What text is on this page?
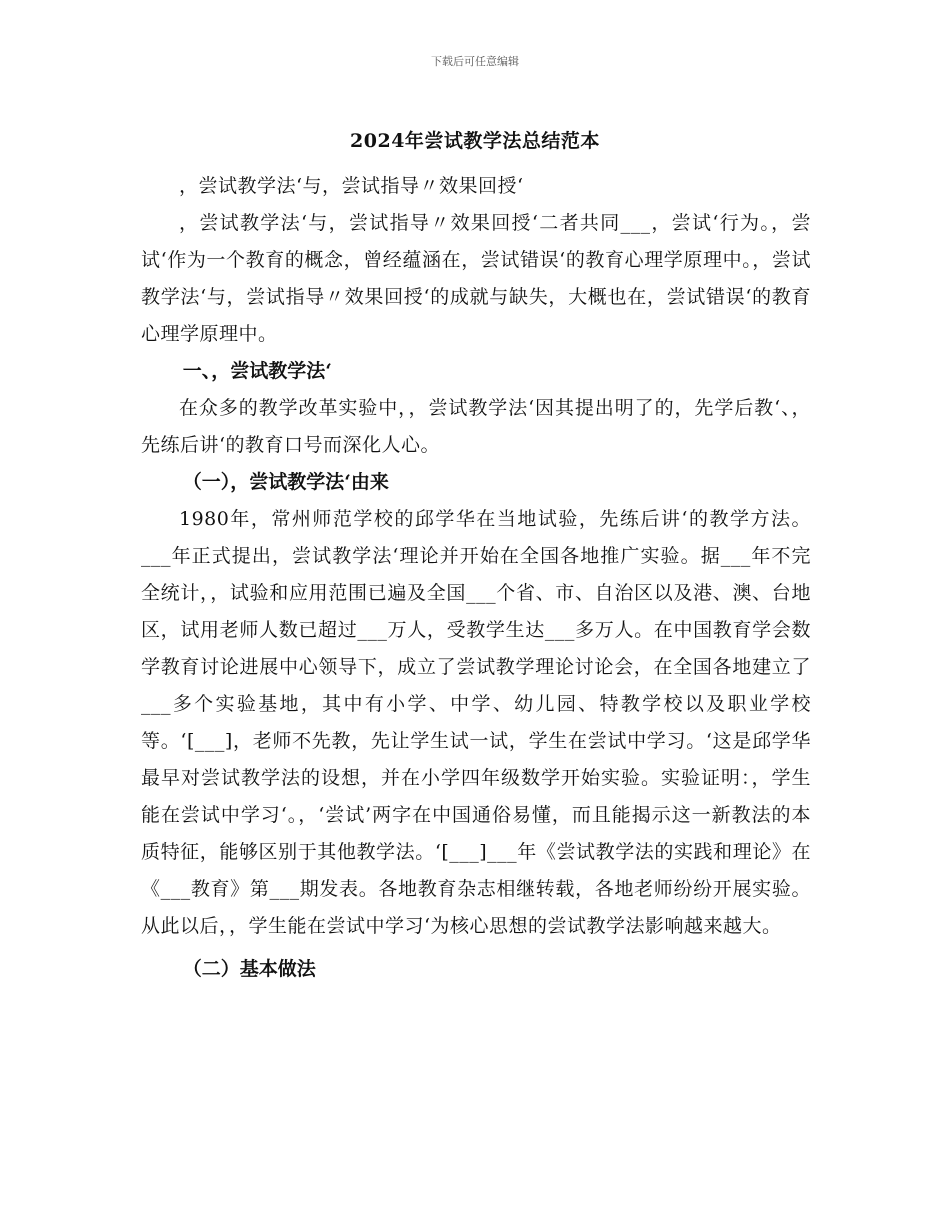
下载后可任意编辑
2024年尝试教学法总结范本

，尝试教学法‘与，尝试指导〃效果回授‘

，尝试教学法‘与，尝试指导〃效果回授‘二者共同___，尝试‘行为。，尝试‘作为一个教育的概念，曾经蕴涵在，尝试错误‘的教育心理学原理中。，尝试教学法‘与，尝试指导〃效果回授‘的成就与缺失，大概也在，尝试错误‘的教育心理学原理中。

一、，尝试教学法‘

在众多的教学改革实验中，，尝试教学法‘因其提出明了的，先学后教‘、，先练后讲‘的教育口号而深化人心。

（一），尝试教学法‘由来

1980年，常州师范学校的邱学华在当地试验，先练后讲‘的教学方法。___年正式提出，尝试教学法‘理论并开始在全国各地推广实验。据___年不完全统计，，试验和应用范围已遍及全国___个省、市、自治区以及港、澳、台地区，试用老师人数已超过___万人，受教学生达___多万人。在中国教育学会数学教育讨论进展中心领导下，成立了尝试教学理论讨论会，在全国各地建立了___多个实验基地，其中有小学、中学、幼儿园、特教学校以及职业学校等。‘[___]，老师不先教，先让学生试一试，学生在尝试中学习。‘这是邱学华最早对尝试教学法的设想，并在小学四年级数学开始实验。实验证明：，学生能在尝试中学习‘。，‘尝试’两字在中国通俗易懂，而且能揭示这一新教法的本质特征，能够区别于其他教学法。‘[___]___年《尝试教学法的实践和理论》在《___教育》第___期发表。各地教育杂志相继转载，各地老师纷纷开展实验。从此以后，，学生能在尝试中学习‘为核心思想的尝试教学法影响越来越大。

（二）基本做法
